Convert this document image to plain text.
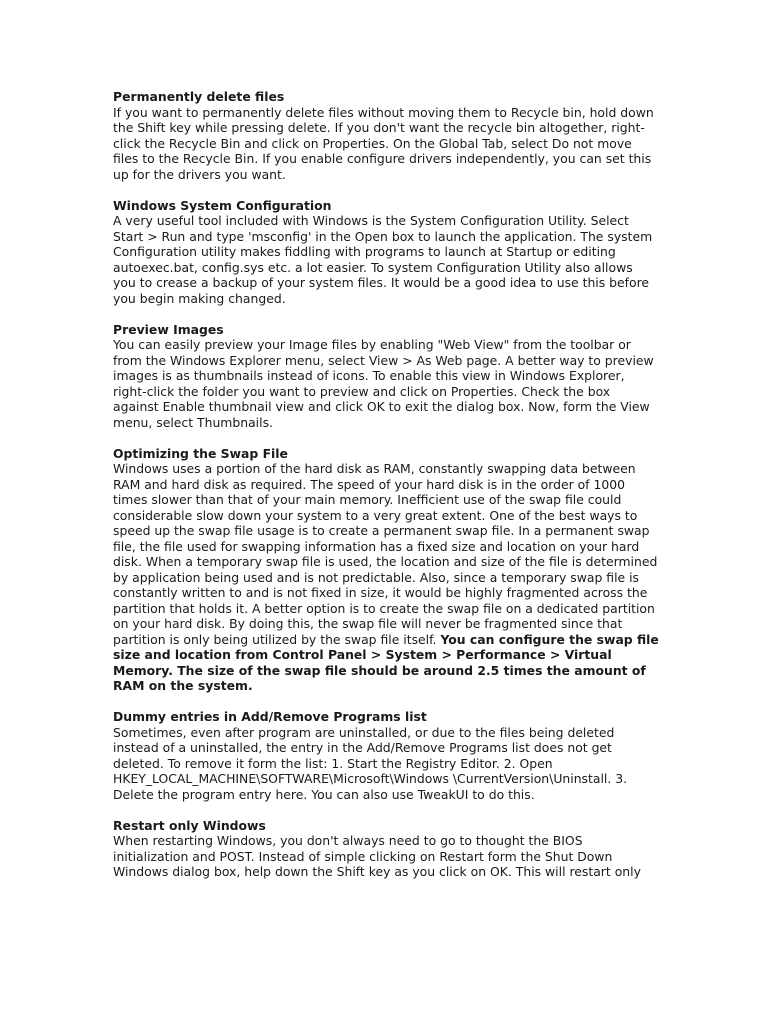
Permanently delete files

If you want to permanently delete files without moving them to Recycle bin, hold down the Shift key while pressing delete. If you don't want the recycle bin altogether, right-click the Recycle Bin and click on Properties. On the Global Tab, select Do not move files to the Recycle Bin. If you enable configure drivers independently, you can set this up for the drivers you want.

Windows System Configuration

A very useful tool included with Windows is the System Configuration Utility. Select Start > Run and type 'msconfig' in the Open box to launch the application. The system Configuration utility makes fiddling with programs to launch at Startup or editing autoexec.bat, config.sys etc. a lot easier. To system Configuration Utility also allows you to crease a backup of your system files. It would be a good idea to use this before you begin making changed.

Preview Images

You can easily preview your Image files by enabling "Web View" from the toolbar or from the Windows Explorer menu, select View > As Web page. A better way to preview images is as thumbnails instead of icons. To enable this view in Windows Explorer, right-click the folder you want to preview and click on Properties. Check the box against Enable thumbnail view and click OK to exit the dialog box. Now, form the View menu, select Thumbnails.

Optimizing the Swap File

Windows uses a portion of the hard disk as RAM, constantly swapping data between RAM and hard disk as required. The speed of your hard disk is in the order of 1000 times slower than that of your main memory. Inefficient use of the swap file could considerable slow down your system to a very great extent. One of the best ways to speed up the swap file usage is to create a permanent swap file. In a permanent swap file, the file used for swapping information has a fixed size and location on your hard disk. When a temporary swap file is used, the location and size of the file is determined by application being used and is not predictable. Also, since a temporary swap file is constantly written to and is not fixed in size, it would be highly fragmented across the partition that holds it. A better option is to create the swap file on a dedicated partition on your hard disk. By doing this, the swap file will never be fragmented since that partition is only being utilized by the swap file itself. You can configure the swap file size and location from Control Panel > System > Performance > Virtual Memory. The size of the swap file should be around 2.5 times the amount of RAM on the system.

Dummy entries in Add/Remove Programs list

Sometimes, even after program are uninstalled, or due to the files being deleted instead of a uninstalled, the entry in the Add/Remove Programs list does not get deleted. To remove it form the list: 1. Start the Registry Editor. 2. Open HKEY_LOCAL_MACHINE\SOFTWARE\Microsoft\Windows \CurrentVersion\Uninstall. 3. Delete the program entry here. You can also use TweakUI to do this.

Restart only Windows

When restarting Windows, you don't always need to go to thought the BIOS initialization and POST. Instead of simple clicking on Restart form the Shut Down Windows dialog box, help down the Shift key as you click on OK. This will restart only
